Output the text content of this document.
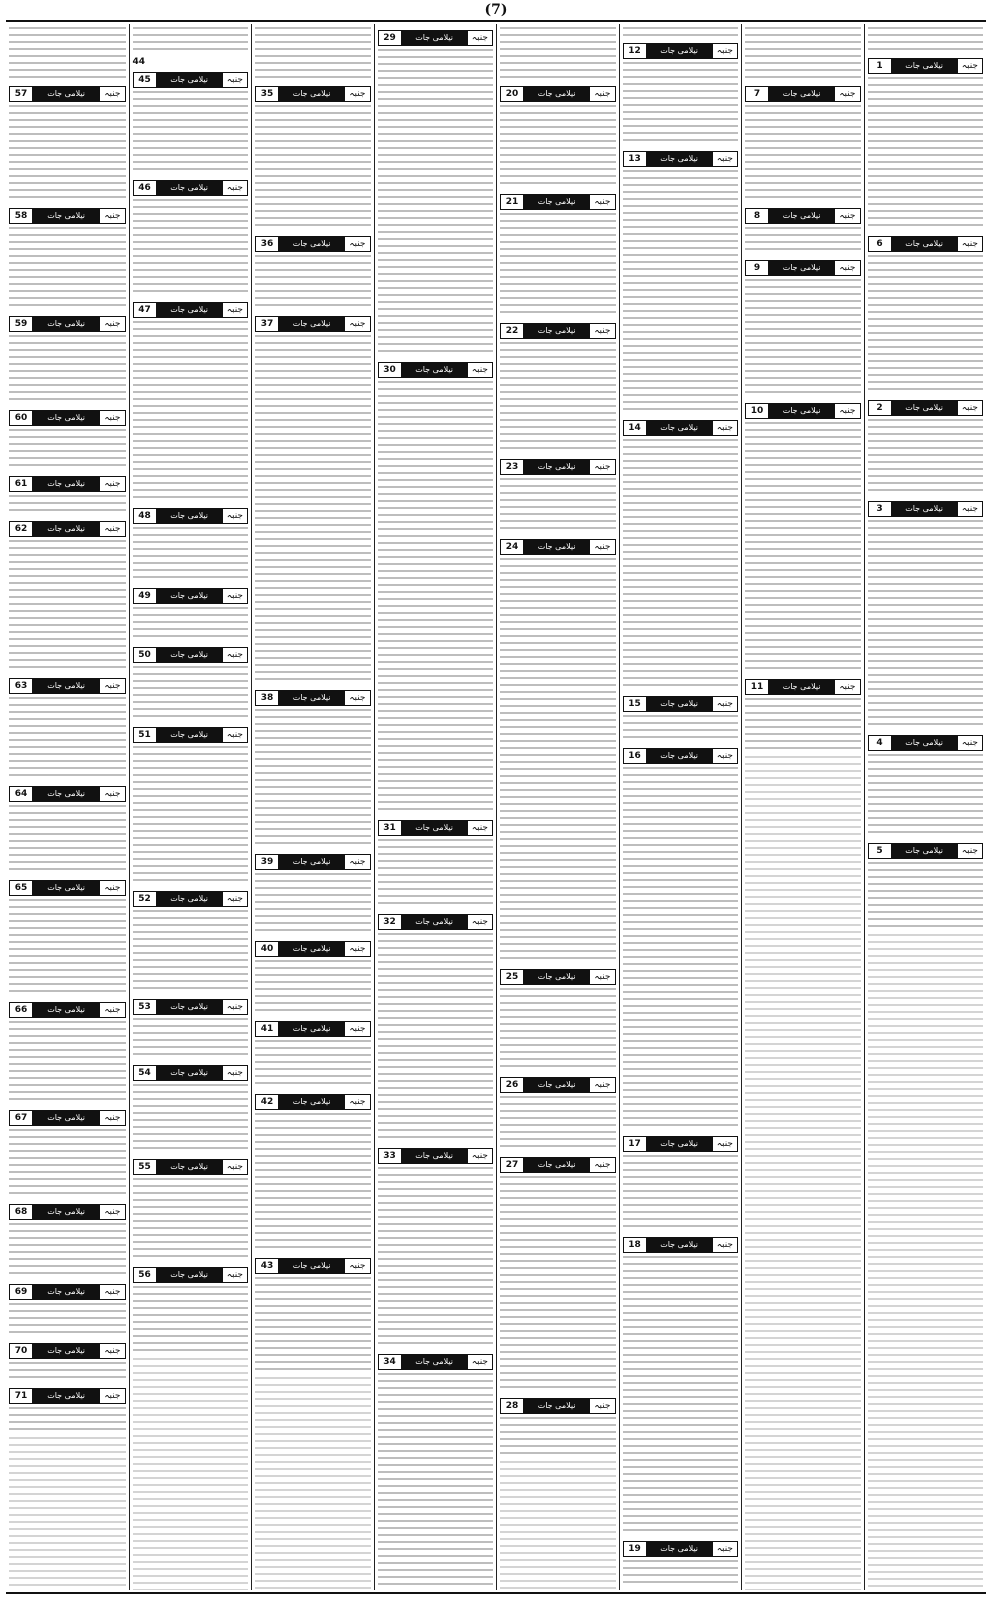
(7)
جنبہ
نیلامی جات
1
جنبہ
نیلامی جات
6
جنبہ
نیلامی جات
2
جنبہ
نیلامی جات
3
جنبہ
نیلامی جات
4
جنبہ
نیلامی جات
5
جنبہ
نیلامی جات
7
جنبہ
نیلامی جات
8
جنبہ
نیلامی جات
9
جنبہ
نیلامی جات
10
جنبہ
نیلامی جات
11
جنبہ
نیلامی جات
12
جنبہ
نیلامی جات
13
جنبہ
نیلامی جات
14
جنبہ
نیلامی جات
15
جنبہ
نیلامی جات
16
جنبہ
نیلامی جات
17
جنبہ
نیلامی جات
18
جنبہ
نیلامی جات
19
جنبہ
نیلامی جات
20
جنبہ
نیلامی جات
21
جنبہ
نیلامی جات
22
جنبہ
نیلامی جات
23
جنبہ
نیلامی جات
24
جنبہ
نیلامی جات
25
جنبہ
نیلامی جات
26
جنبہ
نیلامی جات
27
جنبہ
نیلامی جات
28
جنبہ
نیلامی جات
29
جنبہ
نیلامی جات
30
جنبہ
نیلامی جات
31
جنبہ
نیلامی جات
32
جنبہ
نیلامی جات
33
جنبہ
نیلامی جات
34
جنبہ
نیلامی جات
35
جنبہ
نیلامی جات
36
جنبہ
نیلامی جات
37
جنبہ
نیلامی جات
38
جنبہ
نیلامی جات
39
جنبہ
نیلامی جات
40
جنبہ
نیلامی جات
41
جنبہ
نیلامی جات
42
جنبہ
نیلامی جات
43
44
جنبہ
نیلامی جات
45
جنبہ
نیلامی جات
46
جنبہ
نیلامی جات
47
جنبہ
نیلامی جات
48
جنبہ
نیلامی جات
49
جنبہ
نیلامی جات
50
جنبہ
نیلامی جات
51
جنبہ
نیلامی جات
52
جنبہ
نیلامی جات
53
جنبہ
نیلامی جات
54
جنبہ
نیلامی جات
55
جنبہ
نیلامی جات
56
جنبہ
نیلامی جات
57
جنبہ
نیلامی جات
58
جنبہ
نیلامی جات
59
جنبہ
نیلامی جات
60
جنبہ
نیلامی جات
61
جنبہ
نیلامی جات
62
جنبہ
نیلامی جات
63
جنبہ
نیلامی جات
64
جنبہ
نیلامی جات
65
جنبہ
نیلامی جات
66
جنبہ
نیلامی جات
67
جنبہ
نیلامی جات
68
جنبہ
نیلامی جات
69
جنبہ
نیلامی جات
70
جنبہ
نیلامی جات
71
